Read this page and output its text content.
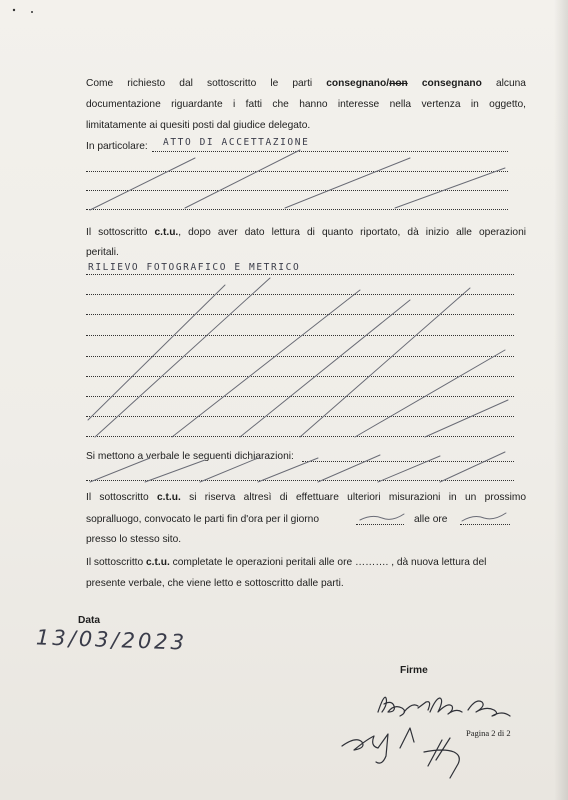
Come richiesto dal sottoscritto le parti consegnano/non consegnano alcuna
documentazione riguardante i fatti che hanno interesse nella vertenza in oggetto,
limitatamente ai quesiti posti dal giudice delegato.
In particolare:	ATTO DI ACCETTAZIONE
Il sottoscritto c.t.u., dopo aver dato lettura di quanto riportato, dà inizio alle operazioni
peritali.
RILIEVO FOTOGRAFICO E METRICO
Si mettono a verbale le seguenti dichiarazioni:
Il sottoscritto c.t.u. si riserva altresì di effettuare ulteriori misurazioni in un prossimo
sopralluogo, convocato le parti fin d'ora per il giorno	alle ore
presso lo stesso sito.
Il sottoscritto c.t.u. completate le operazioni peritali alle ore ………. , dà nuova lettura del
presente verbale, che viene letto e sottoscritto dalle parti.
Data
13/03/2023
Firme
Pagina 2 di 2
